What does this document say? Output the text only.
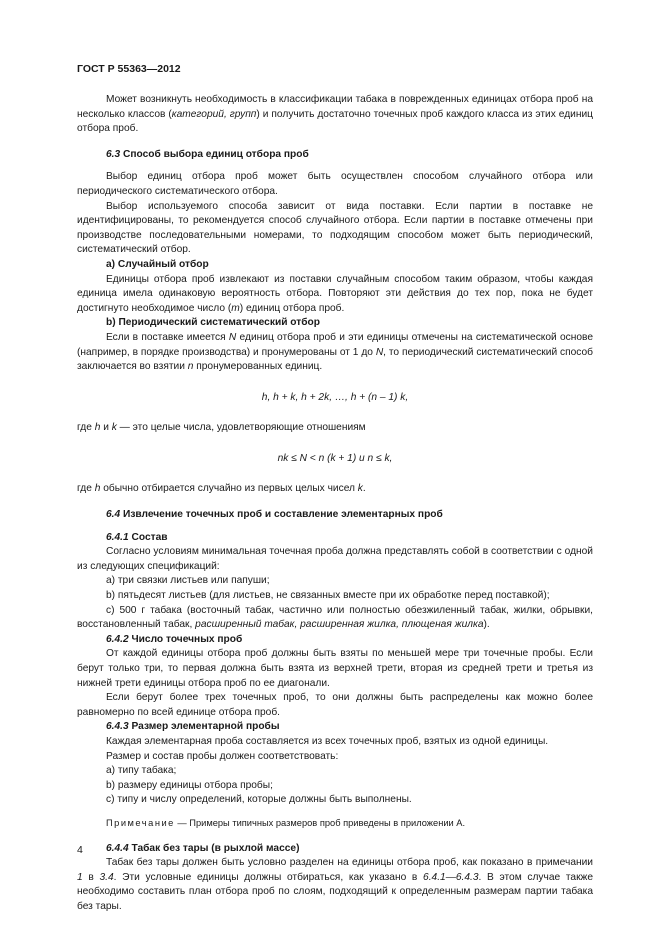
ГОСТ Р 55363—2012

Может возникнуть необходимость в классификации табака в поврежденных единицах отбора проб на несколько классов (категорий, групп) и получить достаточно точечных проб каждого класса из этих единиц отбора проб.

6.3 Способ выбора единиц отбора проб

Выбор единиц отбора проб может быть осуществлен способом случайного отбора или периодического систематического отбора.

Выбор используемого способа зависит от вида поставки. Если партии в поставке не идентифицированы, то рекомендуется способ случайного отбора. Если партии в поставке отмечены при производстве последовательными номерами, то подходящим способом может быть периодический, систематический отбор.

а) Случайный отбор

Единицы отбора проб извлекают из поставки случайным способом таким образом, чтобы каждая единица имела одинаковую вероятность отбора. Повторяют эти действия до тех пор, пока не будет достигнуто необходимое число (m) единиц отбора проб.

b) Периодический систематический отбор

Если в поставке имеется N единиц отбора проб и эти единицы отмечены на систематической основе (например, в порядке производства) и пронумерованы от 1 до N, то периодический систематический способ заключается во взятии n пронумерованных единиц.

h, h + k, h + 2k, …, h + (n – 1) k,

где h и k — это целые числа, удовлетворяющие отношениям

nk ≤ N < n (k + 1) и n ≤ k,

где h обычно отбирается случайно из первых целых чисел k.

6.4 Извлечение точечных проб и составление элементарных проб

6.4.1 Состав

Согласно условиям минимальная точечная проба должна представлять собой в соответствии с одной из следующих спецификаций:

а) три связки листьев или папуши;

b) пятьдесят листьев (для листьев, не связанных вместе при их обработке перед поставкой);

с) 500 г табака (восточный табак, частично или полностью обезжиленный табак, жилки, обрывки, восстановленный табак, расширенный табак, расширенная жилка, плющеная жилка).

6.4.2 Число точечных проб

От каждой единицы отбора проб должны быть взяты по меньшей мере три точечные пробы. Если берут только три, то первая должна быть взята из верхней трети, вторая из средней трети и третья из нижней трети единицы отбора проб по ее диагонали.

Если берут более трех точечных проб, то они должны быть распределены как можно более равномерно по всей единице отбора проб.

6.4.3 Размер элементарной пробы

Каждая элементарная проба составляется из всех точечных проб, взятых из одной единицы.

Размер и состав пробы должен соответствовать:

а) типу табака;

b) размеру единицы отбора пробы;

с) типу и числу определений, которые должны быть выполнены.

Примечание — Примеры типичных размеров проб приведены в приложении А.

6.4.4 Табак без тары (в рыхлой массе)

Табак без тары должен быть условно разделен на единицы отбора проб, как показано в примечании 1 в 3.4. Эти условные единицы должны отбираться, как указано в 6.4.1—6.4.3. В этом случае также необходимо составить план отбора проб по слоям, подходящий к определенным размерам партии табака без тары.

4
